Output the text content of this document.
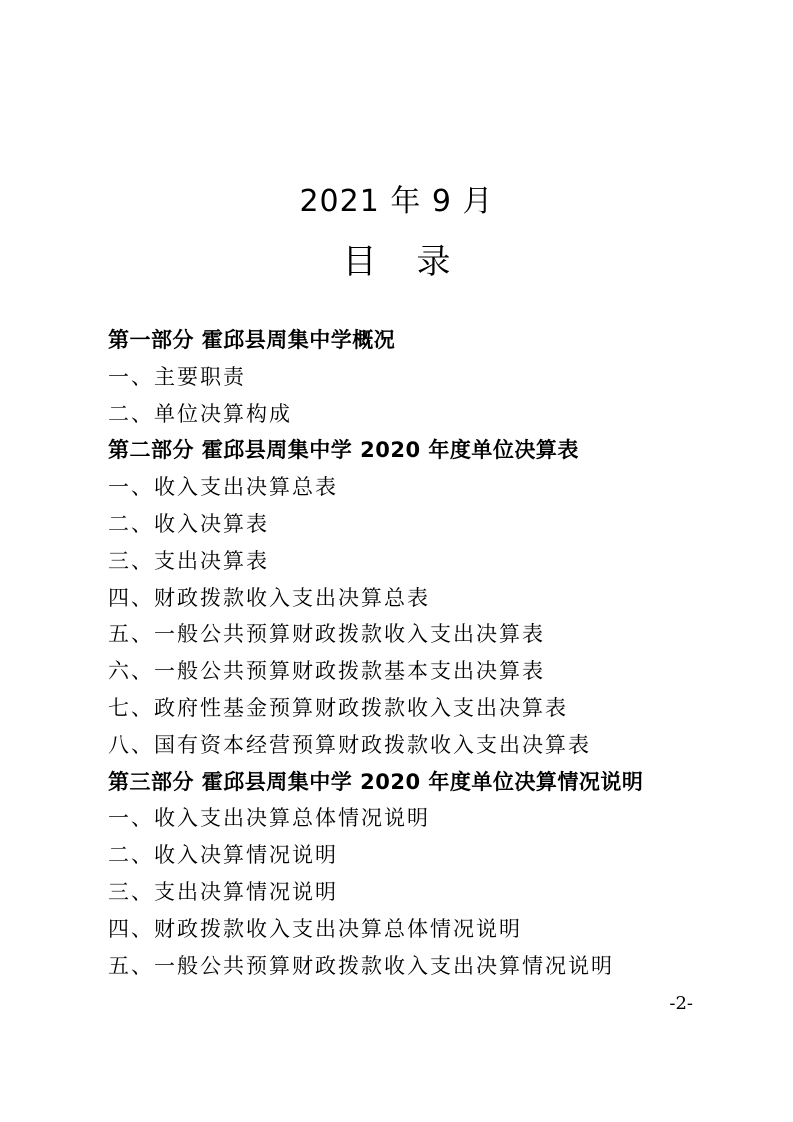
2021 年 9 月
目录
第一部分 霍邱县周集中学概况
一、主要职责
二、单位决算构成
第二部分 霍邱县周集中学 2020 年度单位决算表
一、收入支出决算总表
二、收入决算表
三、支出决算表
四、财政拨款收入支出决算总表
五、一般公共预算财政拨款收入支出决算表
六、一般公共预算财政拨款基本支出决算表
七、政府性基金预算财政拨款收入支出决算表
八、国有资本经营预算财政拨款收入支出决算表
第三部分 霍邱县周集中学 2020 年度单位决算情况说明
一、收入支出决算总体情况说明
二、收入决算情况说明
三、支出决算情况说明
四、财政拨款收入支出决算总体情况说明
五、一般公共预算财政拨款收入支出决算情况说明
-2-
